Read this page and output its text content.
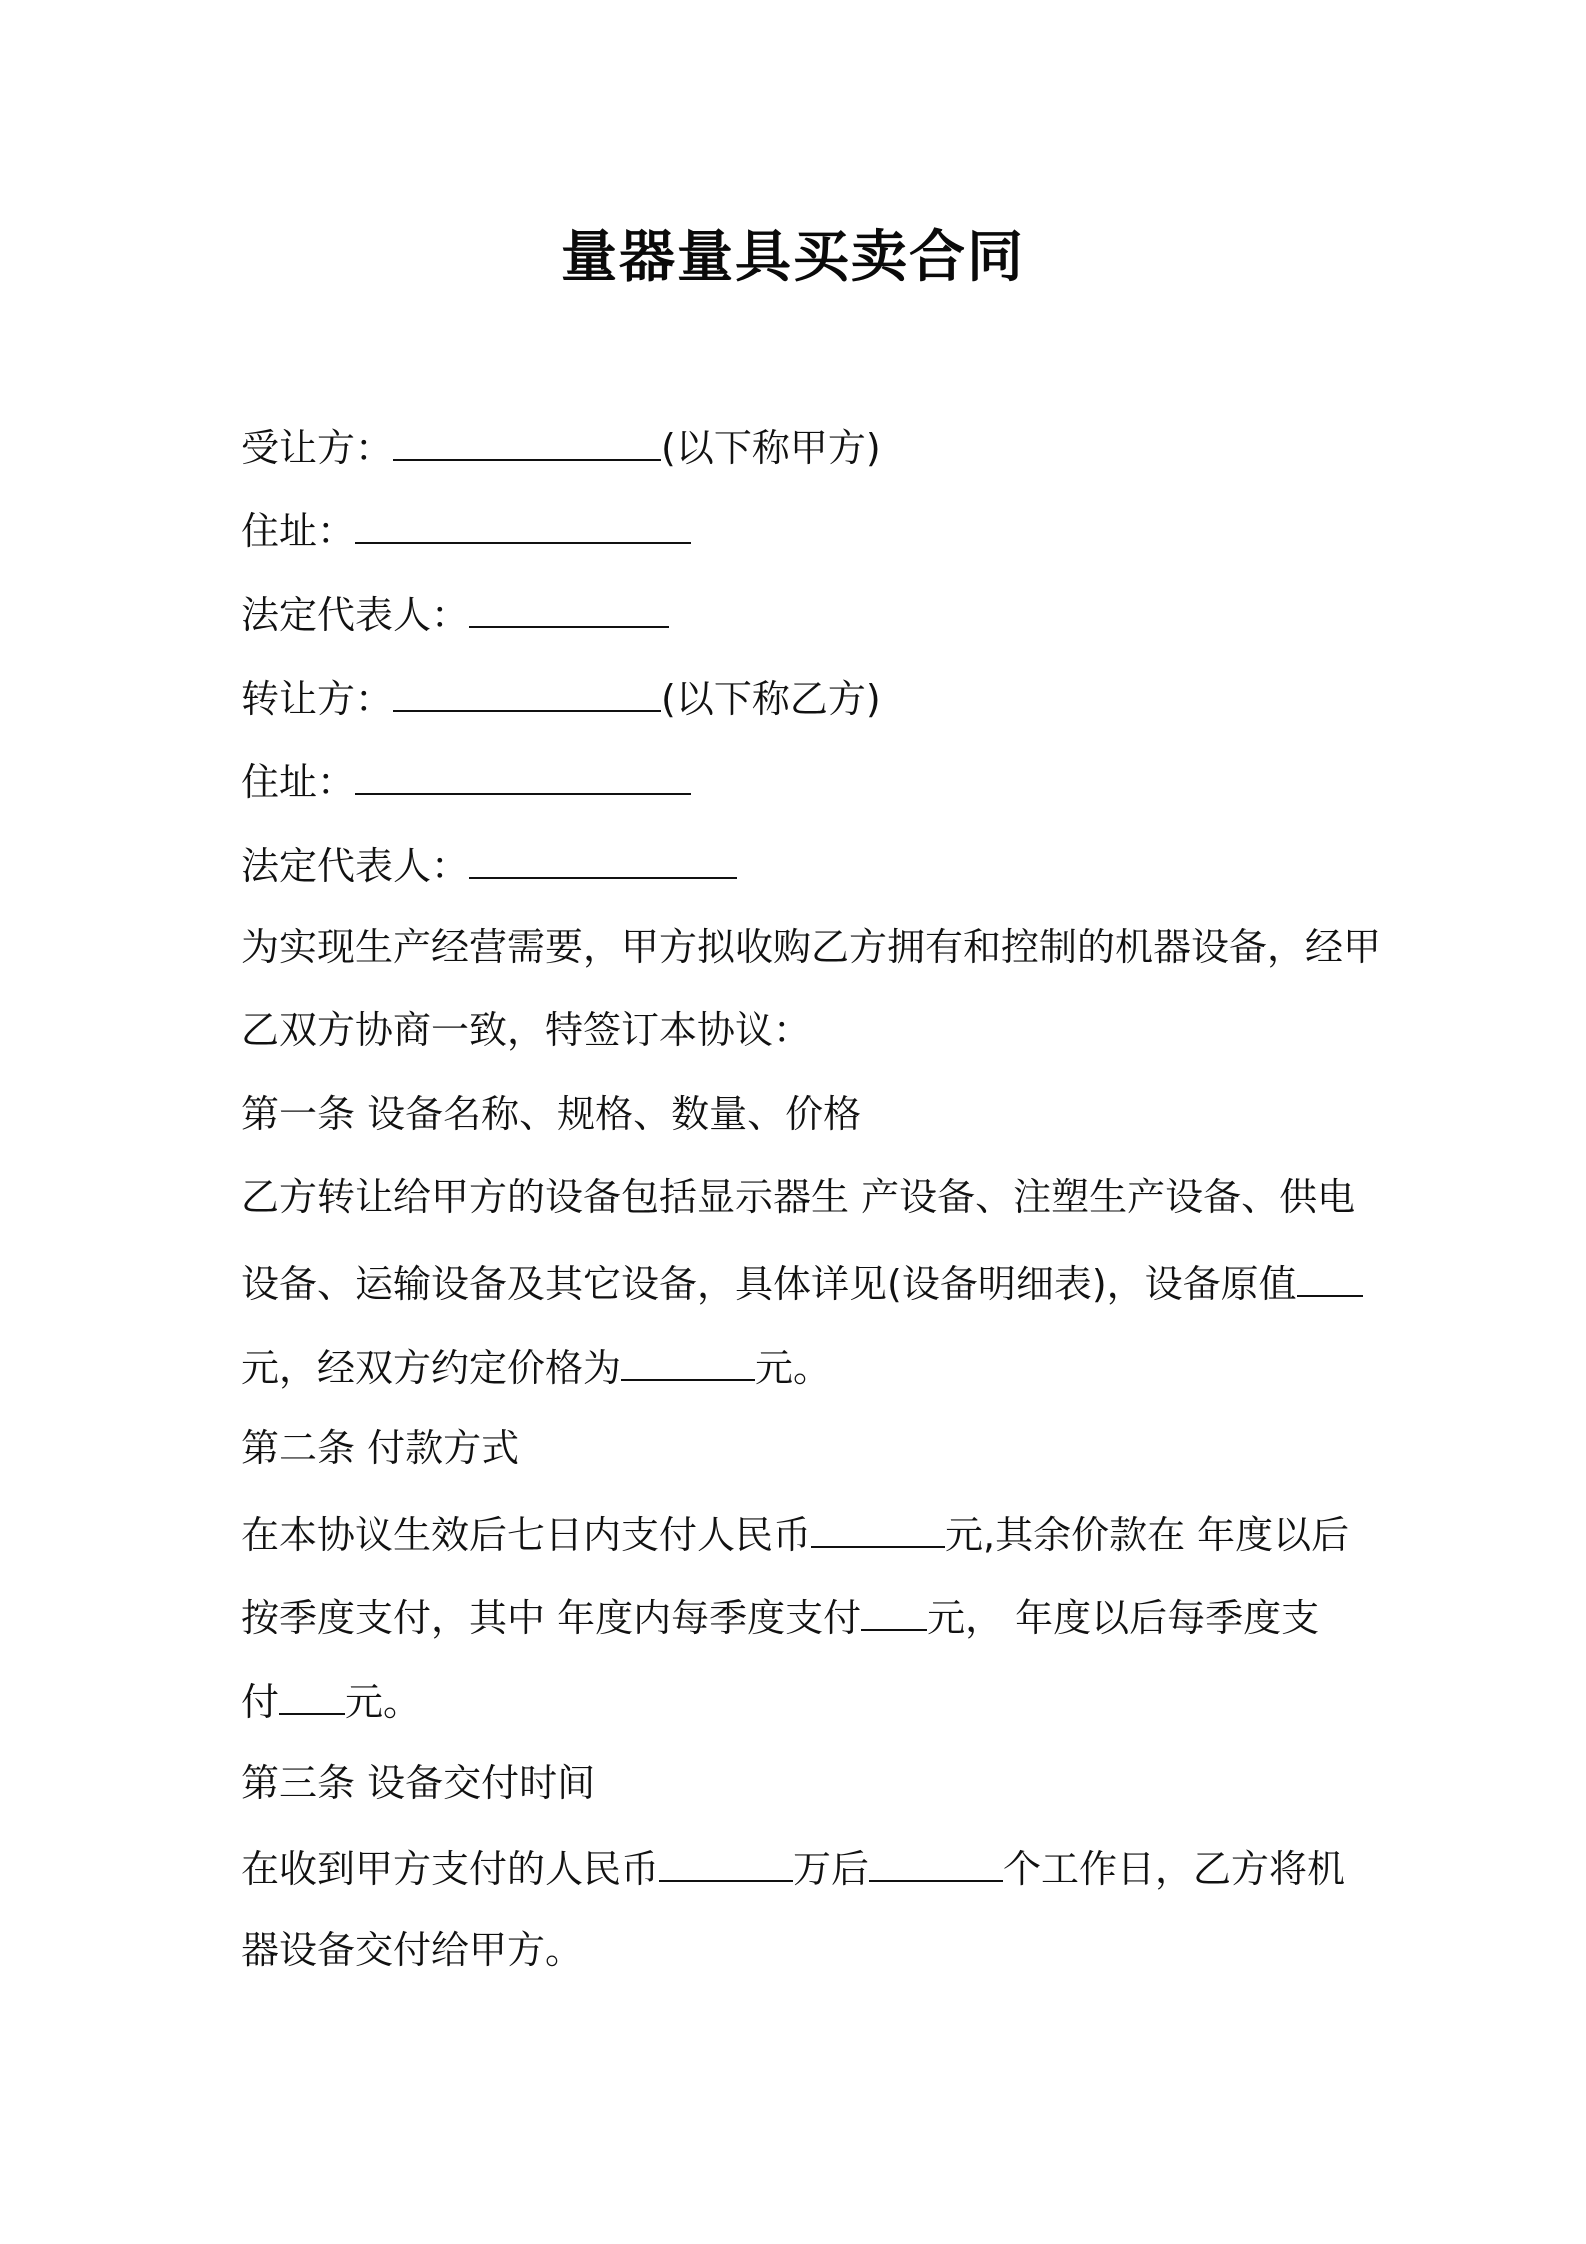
量器量具买卖合同
受让方：	(以下称甲方)
住址：
法定代表人：
转让方：	(以下称乙方)
住址：
法定代表人：
为实现生产经营需要，甲方拟收购乙方拥有和控制的机器设备，经甲
乙双方协商一致，特签订本协议：
第一条 设备名称、规格、数量、价格
乙方转让给甲方的设备包括显示器生 产设备、注塑生产设备、供电
设备、运输设备及其它设备，具体详见(设备明细表)，设备原值
元，经双方约定价格为	元。
第二条 付款方式
在本协议生效后七日内支付人民币	元,其余价款在 年度以后
按季度支付，其中 年度内每季度支付 元， 年度以后每季度支
付 元。
第三条 设备交付时间
在收到甲方支付的人民币	万后	个工作日，乙方将机
器设备交付给甲方。
